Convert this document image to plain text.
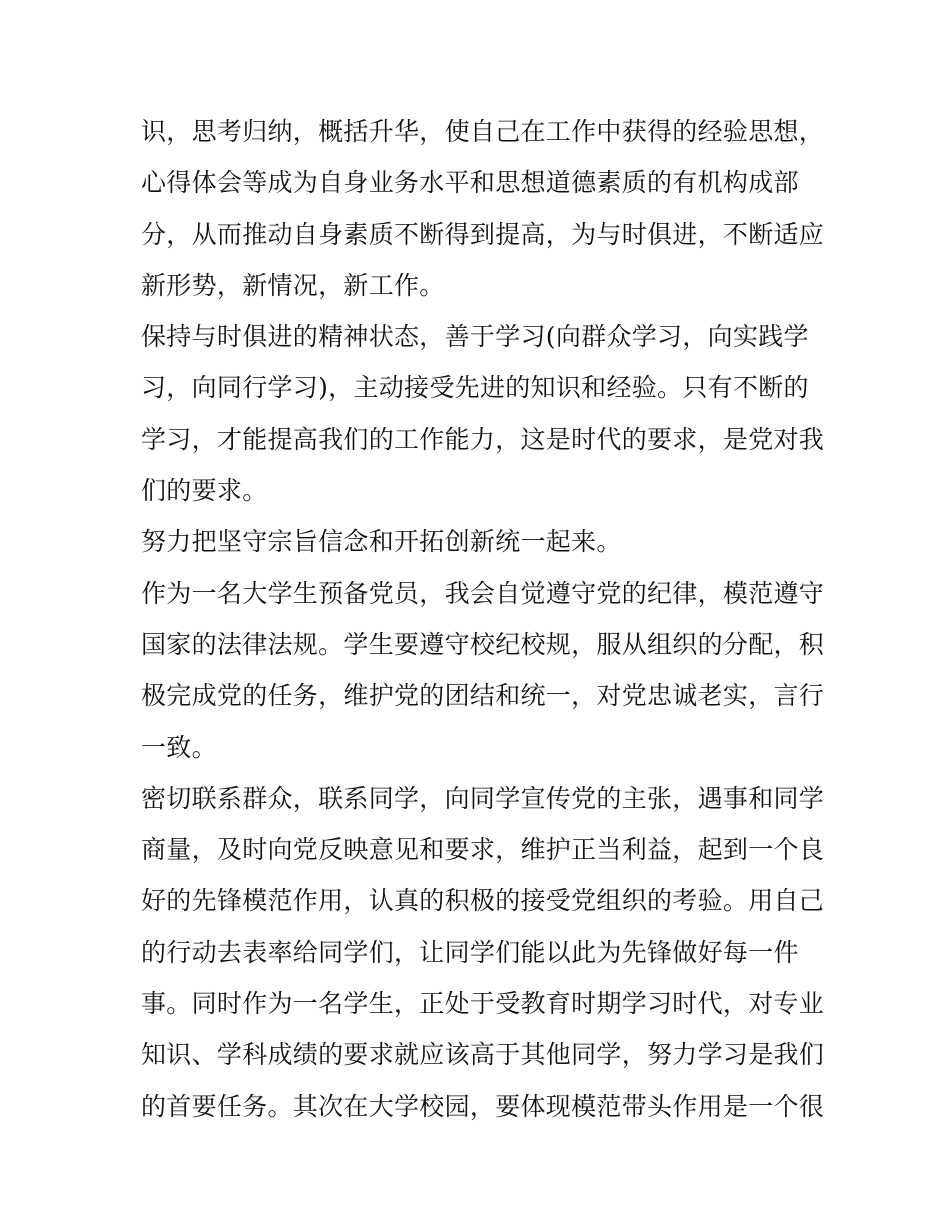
识，思考归纳，概括升华，使自己在工作中获得的经验思想，
心得体会等成为自身业务水平和思想道德素质的有机构成部
分，从而推动自身素质不断得到提高，为与时俱进，不断适应
新形势，新情况，新工作。
保持与时俱进的精神状态，善于学习(向群众学习，向实践学
习，向同行学习)，主动接受先进的知识和经验。只有不断的
学习，才能提高我们的工作能力，这是时代的要求，是党对我
们的要求。
努力把坚守宗旨信念和开拓创新统一起来。
作为一名大学生预备党员，我会自觉遵守党的纪律，模范遵守
国家的法律法规。学生要遵守校纪校规，服从组织的分配，积
极完成党的任务，维护党的团结和统一，对党忠诚老实，言行
一致。
密切联系群众，联系同学，向同学宣传党的主张，遇事和同学
商量，及时向党反映意见和要求，维护正当利益，起到一个良
好的先锋模范作用，认真的积极的接受党组织的考验。用自己
的行动去表率给同学们，让同学们能以此为先锋做好每一件
事。同时作为一名学生，正处于受教育时期学习时代，对专业
知识、学科成绩的要求就应该高于其他同学，努力学习是我们
的首要任务。其次在大学校园，要体现模范带头作用是一个很
